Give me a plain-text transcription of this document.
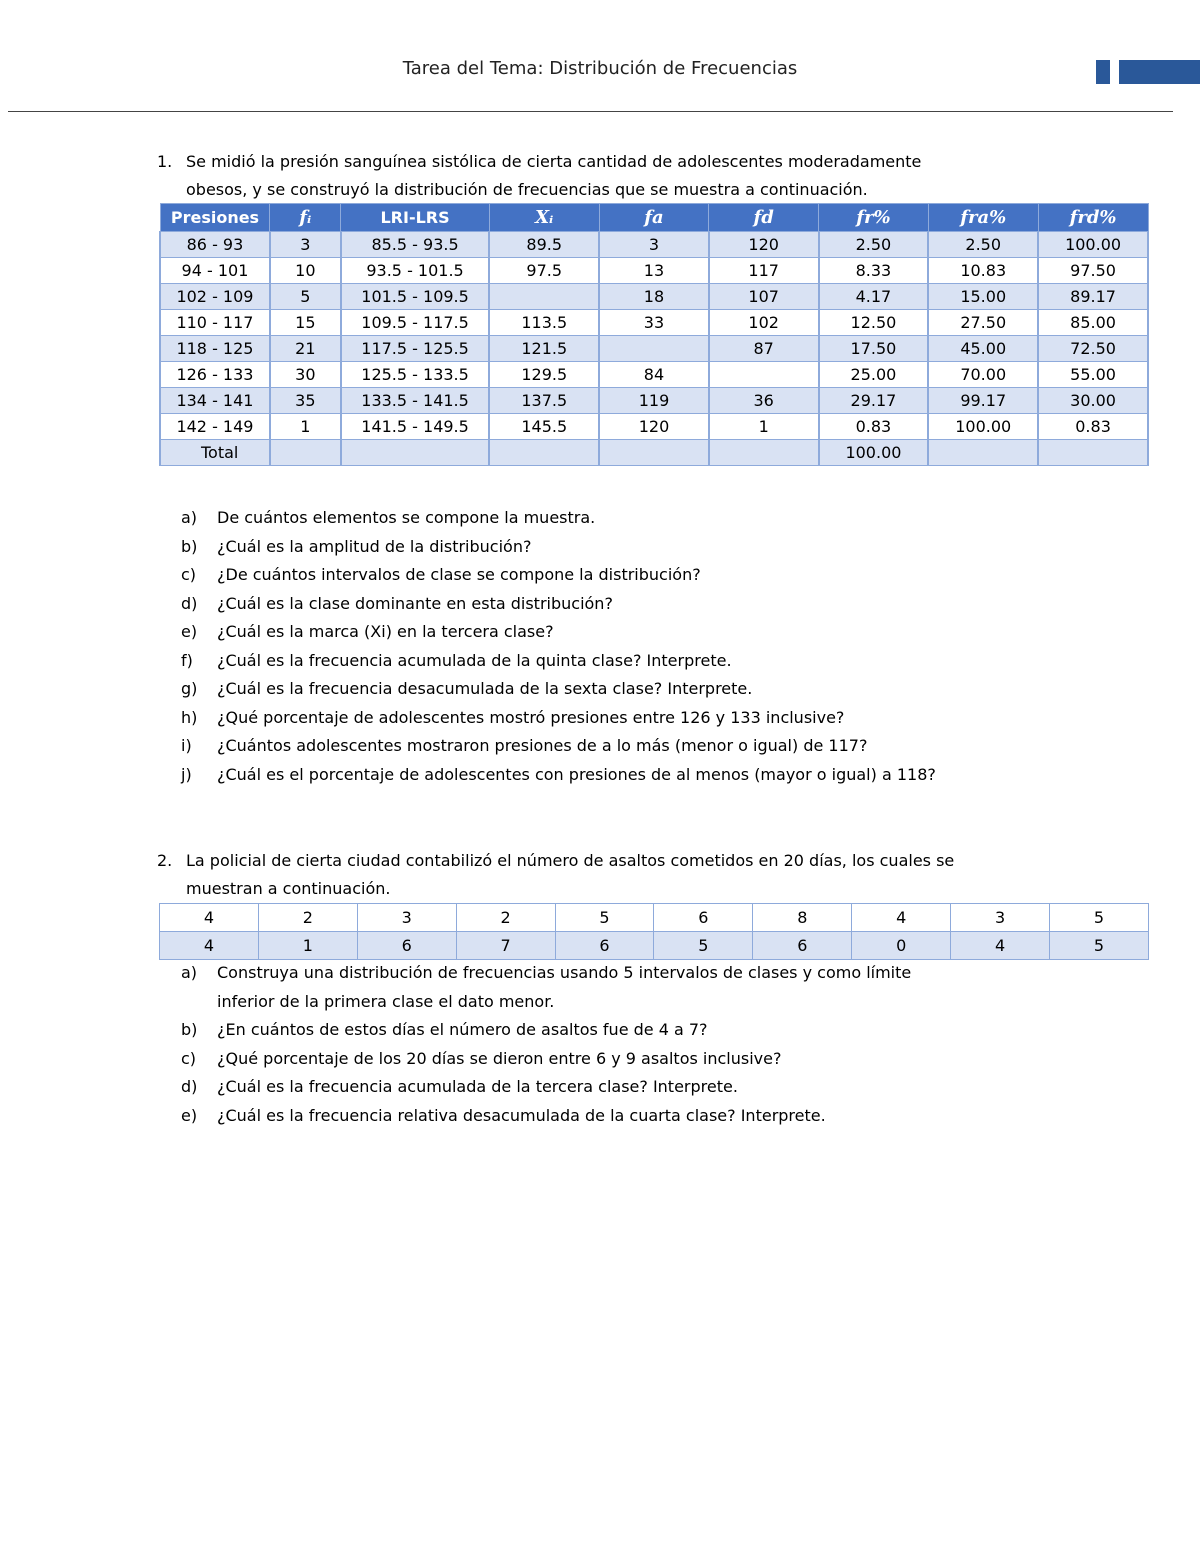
Tarea del Tema: Distribución de Frecuencias
1. Se midió la presión sanguínea sistólica de cierta cantidad de adolescentes moderadamente
obesos, y se construyó la distribución de frecuencias que se muestra a continuación.
Presiones	fᵢ	LRI-LRS	Xᵢ	fa	fd	fr%	fra%	frd%
86 - 93	3	85.5 - 93.5	89.5	3	120	2.50	2.50	100.00
94 - 101	10	93.5 - 101.5	97.5	13	117	8.33	10.83	97.50
102 - 109	5	101.5 - 109.5		18	107	4.17	15.00	89.17
110 - 117	15	109.5 - 117.5	113.5	33	102	12.50	27.50	85.00
118 - 125	21	117.5 - 125.5	121.5		87	17.50	45.00	72.50
126 - 133	30	125.5 - 133.5	129.5	84		25.00	70.00	55.00
134 - 141	35	133.5 - 141.5	137.5	119	36	29.17	99.17	30.00
142 - 149	1	141.5 - 149.5	145.5	120	1	0.83	100.00	0.83
Total						100.00		
a) De cuántos elementos se compone la muestra.
b) ¿Cuál es la amplitud de la distribución?
c) ¿De cuántos intervalos de clase se compone la distribución?
d) ¿Cuál es la clase dominante en esta distribución?
e) ¿Cuál es la marca (Xi) en la tercera clase?
f) ¿Cuál es la frecuencia acumulada de la quinta clase? Interprete.
g) ¿Cuál es la frecuencia desacumulada de la sexta clase? Interprete.
h) ¿Qué porcentaje de adolescentes mostró presiones entre 126 y 133 inclusive?
i) ¿Cuántos adolescentes mostraron presiones de a lo más (menor o igual) de 117?
j) ¿Cuál es el porcentaje de adolescentes con presiones de al menos (mayor o igual) a 118?
2. La policial de cierta ciudad contabilizó el número de asaltos cometidos en 20 días, los cuales se
muestran a continuación.
4	2	3	2	5	6	8	4	3	5
4	1	6	7	6	5	6	0	4	5
a) Construya una distribución de frecuencias usando 5 intervalos de clases y como límite
inferior de la primera clase el dato menor.
b) ¿En cuántos de estos días el número de asaltos fue de 4 a 7?
c) ¿Qué porcentaje de los 20 días se dieron entre 6 y 9 asaltos inclusive?
d) ¿Cuál es la frecuencia acumulada de la tercera clase? Interprete.
e) ¿Cuál es la frecuencia relativa desacumulada de la cuarta clase? Interprete.
